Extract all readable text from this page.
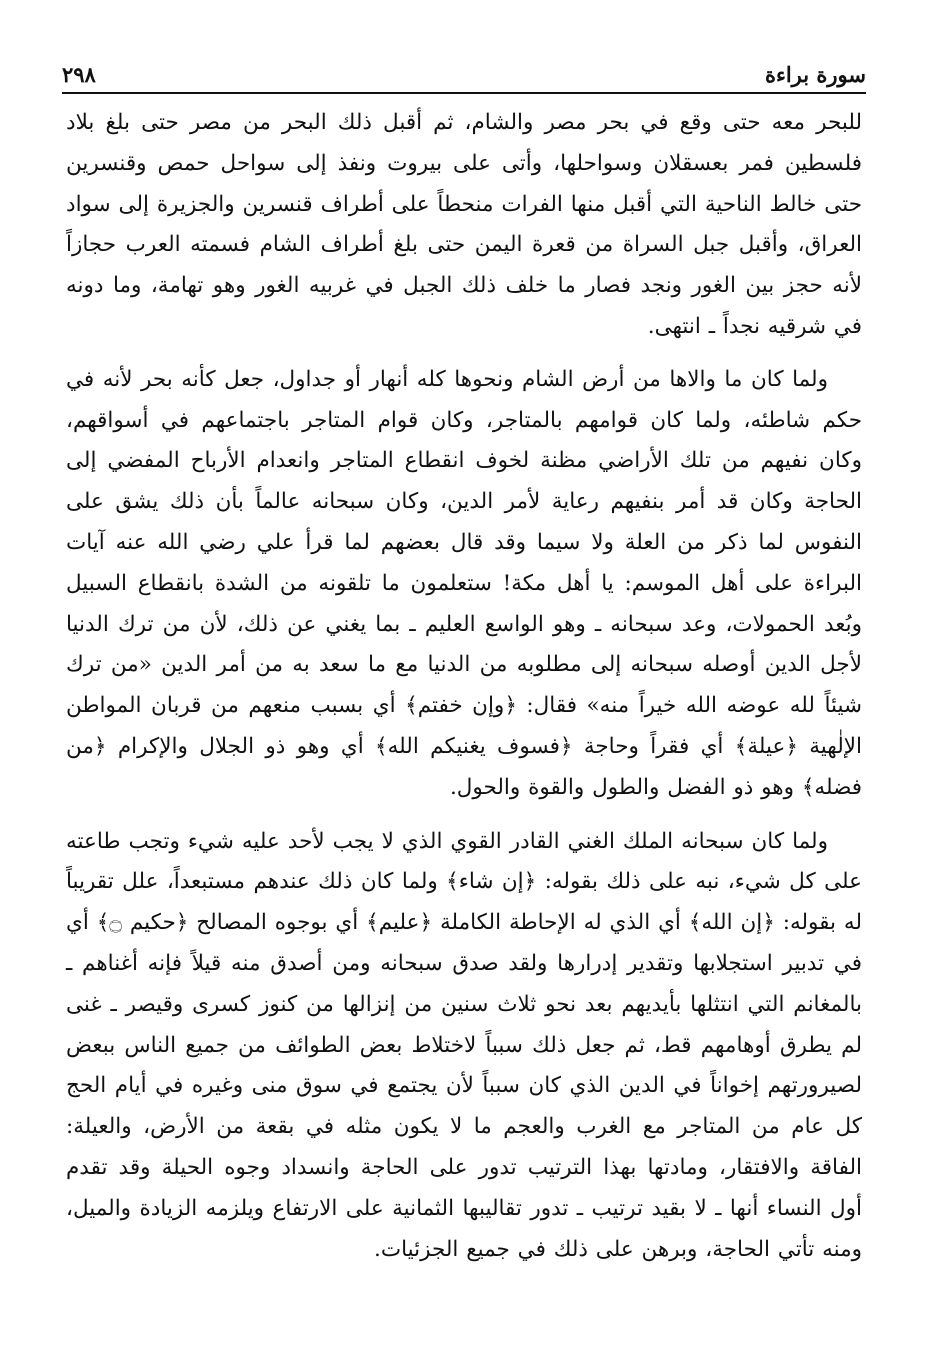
سورة براءة
٢٩٨

للبحر معه حتى وقع في بحر مصر والشام، ثم أقبل ذلك البحر من مصر حتى بلغ بلاد فلسطين فمر بعسقلان وسواحلها، وأتى على بيروت ونفذ إلى سواحل حمص وقنسرين حتى خالط الناحية التي أقبل منها الفرات منحطاً على أطراف قنسرين والجزيرة إلى سواد العراق، وأقبل جبل السراة من قعرة اليمن حتى بلغ أطراف الشام فسمته العرب حجازاً لأنه حجز بين الغور ونجد فصار ما خلف ذلك الجبل في غربيه الغور وهو تهامة، وما دونه في شرقيه نجداً ـ انتهى.

ولما كان ما والاها من أرض الشام ونحوها كله أنهار أو جداول، جعل كأنه بحر لأنه في حكم شاطئه، ولما كان قوامهم بالمتاجر، وكان قوام المتاجر باجتماعهم في أسواقهم، وكان نفيهم من تلك الأراضي مظنة لخوف انقطاع المتاجر وانعدام الأرباح المفضي إلى الحاجة وكان قد أمر بنفيهم رعاية لأمر الدين، وكان سبحانه عالماً بأن ذلك يشق على النفوس لما ذكر من العلة ولا سيما وقد قال بعضهم لما قرأ علي رضي الله عنه آيات البراءة على أهل الموسم: يا أهل مكة! ستعلمون ما تلقونه من الشدة بانقطاع السبيل وبُعد الحمولات، وعد سبحانه ـ وهو الواسع العليم ـ بما يغني عن ذلك، لأن من ترك الدنيا لأجل الدين أوصله سبحانه إلى مطلوبه من الدنيا مع ما سعد به من أمر الدين «من ترك شيئاً لله عوضه الله خيراً منه» فقال: ﴿وإن خفتم﴾ أي بسبب منعهم من قربان المواطن الإلٰهية ﴿عيلة﴾ أي فقراً وحاجة ﴿فسوف يغنيكم الله﴾ أي وهو ذو الجلال والإكرام ﴿من فضله﴾ وهو ذو الفضل والطول والقوة والحول.

ولما كان سبحانه الملك الغني القادر القوي الذي لا يجب لأحد عليه شيء وتجب طاعته على كل شيء، نبه على ذلك بقوله: ﴿إن شاء﴾ ولما كان ذلك عندهم مستبعداً، علل تقريباً له بقوله: ﴿إن الله﴾ أي الذي له الإحاطة الكاملة ﴿عليم﴾ أي بوجوه المصالح ﴿حكيم ۝﴾ أي في تدبير استجلابها وتقدير إدرارها ولقد صدق سبحانه ومن أصدق منه قيلاً فإنه أغناهم ـ بالمغانم التي انتثلها بأيديهم بعد نحو ثلاث سنين من إنزالها من كنوز كسرى وقيصر ـ غنى لم يطرق أوهامهم قط، ثم جعل ذلك سبباً لاختلاط بعض الطوائف من جميع الناس ببعض لصيرورتهم إخواناً في الدين الذي كان سبباً لأن يجتمع في سوق منى وغيره في أيام الحج كل عام من المتاجر مع الغرب والعجم ما لا يكون مثله في بقعة من الأرض، والعيلة: الفاقة والافتقار، ومادتها بهذا الترتيب تدور على الحاجة وانسداد وجوه الحيلة وقد تقدم أول النساء أنها ـ لا بقيد ترتيب ـ تدور تقاليبها الثمانية على الارتفاع ويلزمه الزيادة والميل، ومنه تأتي الحاجة، وبرهن على ذلك في جميع الجزئيات.
